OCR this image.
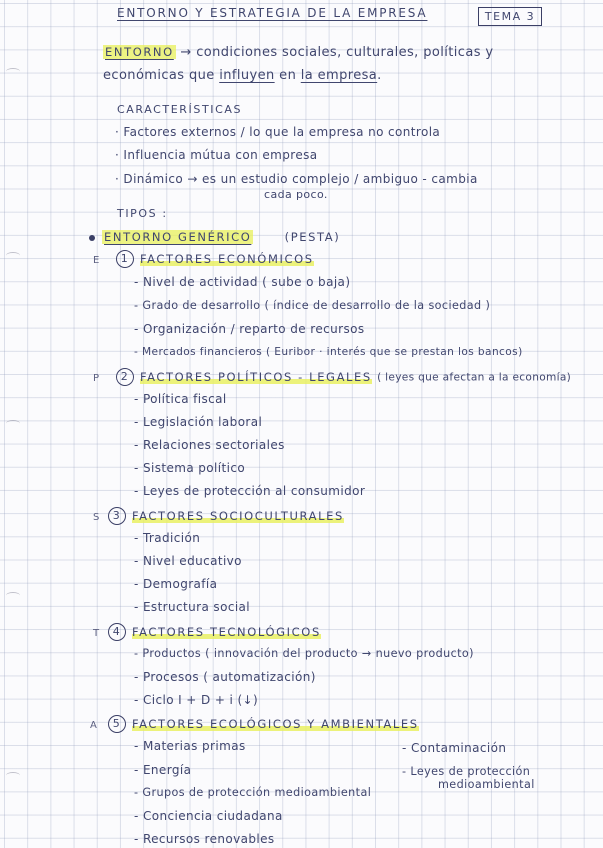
ENTORNO Y ESTRATEGIA DE LA EMPRESA	TEMA 3
ENTORNO → condiciones sociales, culturales, políticas y
económicas que influyen en la empresa.
CARACTERÍSTICAS
· Factores externos / lo que la empresa no controla
· Influencia mútua con empresa
· Dinámico → es un estudio complejo / ambiguo - cambia
cada poco.
TIPOS :
ENTORNO GENÉRICO	(PESTA)
E	1 FACTORES ECONÓMICOS
- Nivel de actividad ( sube o baja)
- Grado de desarrollo ( índice de desarrollo de la sociedad )
- Organización / reparto de recursos
- Mercados financieros ( Euribor · interés que se prestan los bancos)
P	2 FACTORES POLÍTICOS - LEGALES ( leyes que afectan a la economía)
- Política fiscal
- Legislación laboral
- Relaciones sectoriales
- Sistema político
- Leyes de protección al consumidor
S	3 FACTORES SOCIOCULTURALES
- Tradición
- Nivel educativo
- Demografía
- Estructura social
T	4 FACTORES TECNOLÓGICOS
- Productos ( innovación del producto → nuevo producto)
- Procesos ( automatización)
- Ciclo I + D + i (↓)
A	5 FACTORES ECOLÓGICOS Y AMBIENTALES
- Materias primas
- Energía
- Grupos de protección medioambiental
- Conciencia ciudadana
- Recursos renovables
- Contaminación
- Leyes de protección
medioambiental
